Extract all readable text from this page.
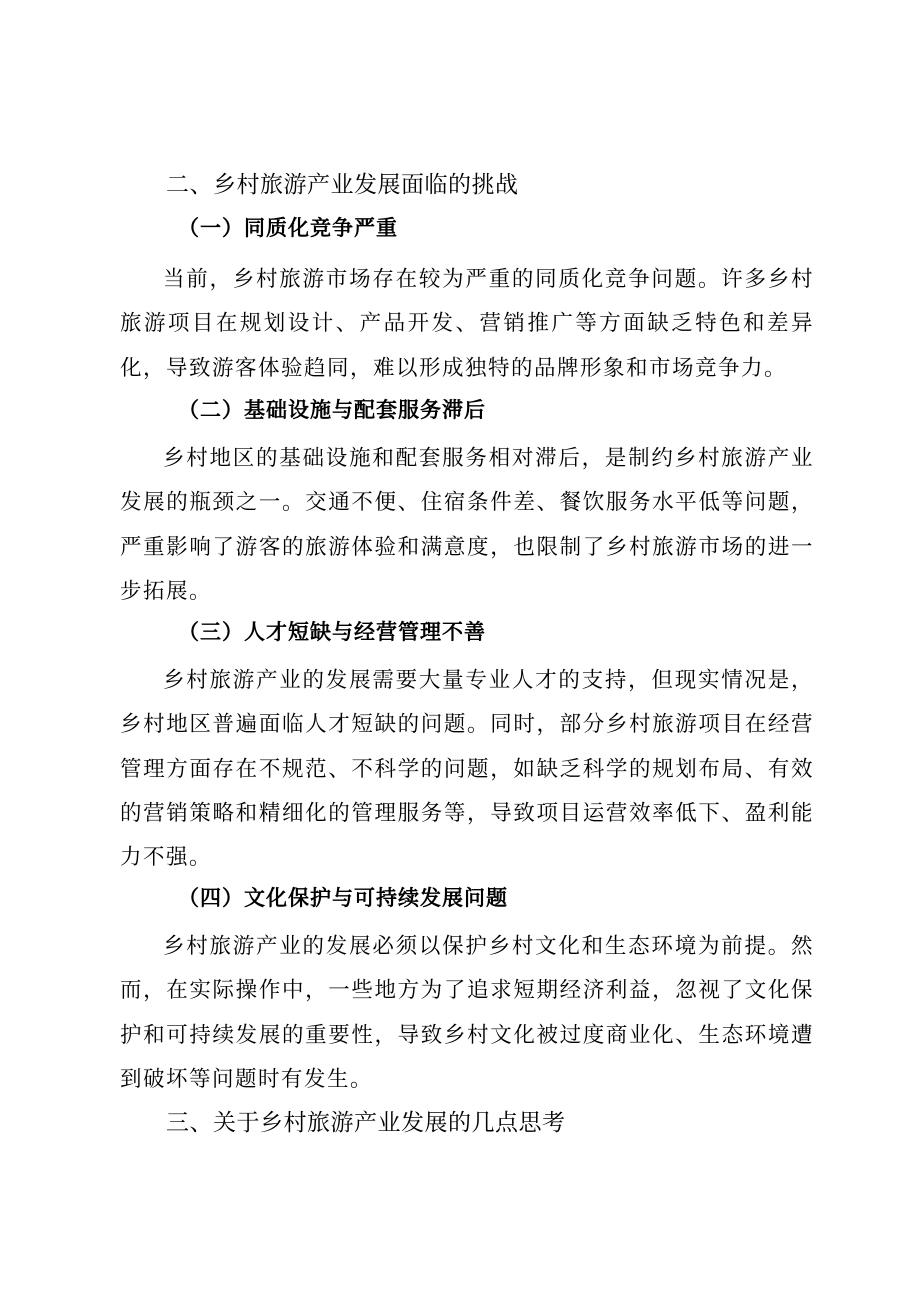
二、乡村旅游产业发展面临的挑战
（一）同质化竞争严重

当前，乡村旅游市场存在较为严重的同质化竞争问题。许多乡村旅游项目在规划设计、产品开发、营销推广等方面缺乏特色和差异化，导致游客体验趋同，难以形成独特的品牌形象和市场竞争力。

（二）基础设施与配套服务滞后

乡村地区的基础设施和配套服务相对滞后，是制约乡村旅游产业发展的瓶颈之一。交通不便、住宿条件差、餐饮服务水平低等问题，严重影响了游客的旅游体验和满意度，也限制了乡村旅游市场的进一步拓展。

（三）人才短缺与经营管理不善

乡村旅游产业的发展需要大量专业人才的支持，但现实情况是，乡村地区普遍面临人才短缺的问题。同时，部分乡村旅游项目在经营管理方面存在不规范、不科学的问题，如缺乏科学的规划布局、有效的营销策略和精细化的管理服务等，导致项目运营效率低下、盈利能力不强。

（四）文化保护与可持续发展问题

乡村旅游产业的发展必须以保护乡村文化和生态环境为前提。然而，在实际操作中，一些地方为了追求短期经济利益，忽视了文化保护和可持续发展的重要性，导致乡村文化被过度商业化、生态环境遭到破坏等问题时有发生。

三、关于乡村旅游产业发展的几点思考
